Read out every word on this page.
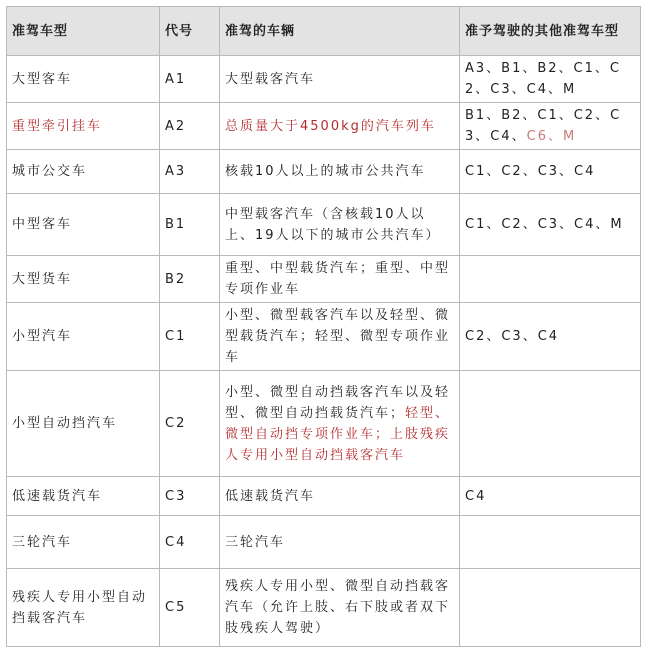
准驾车型	代号	准驾的车辆	准予驾驶的其他准驾车型
大型客车	A1	大型载客汽车	A3、B1、B2、C1、C2、C3、C4、M
重型牵引挂车	A2	总质量大于4500kg的汽车列车	B1、B2、C1、C2、C3、C4、C6、M
城市公交车	A3	核载10人以上的城市公共汽车	C1、C2、C3、C4
中型客车	B1	中型载客汽车（含核载10人以上、19人以下的城市公共汽车）	C1、C2、C3、C4、M
大型货车	B2	重型、中型载货汽车；重型、中型专项作业车	
小型汽车	C1	小型、微型载客汽车以及轻型、微型载货汽车；轻型、微型专项作业车	C2、C3、C4
小型自动挡汽车	C2	小型、微型自动挡载客汽车以及轻型、微型自动挡载货汽车；轻型、微型自动挡专项作业车；上肢残疾人专用小型自动挡载客汽车	
低速载货汽车	C3	低速载货汽车	C4
三轮汽车	C4	三轮汽车	
残疾人专用小型自动挡载客汽车	C5	残疾人专用小型、微型自动挡载客汽车（允许上肢、右下肢或者双下肢残疾人驾驶）	
